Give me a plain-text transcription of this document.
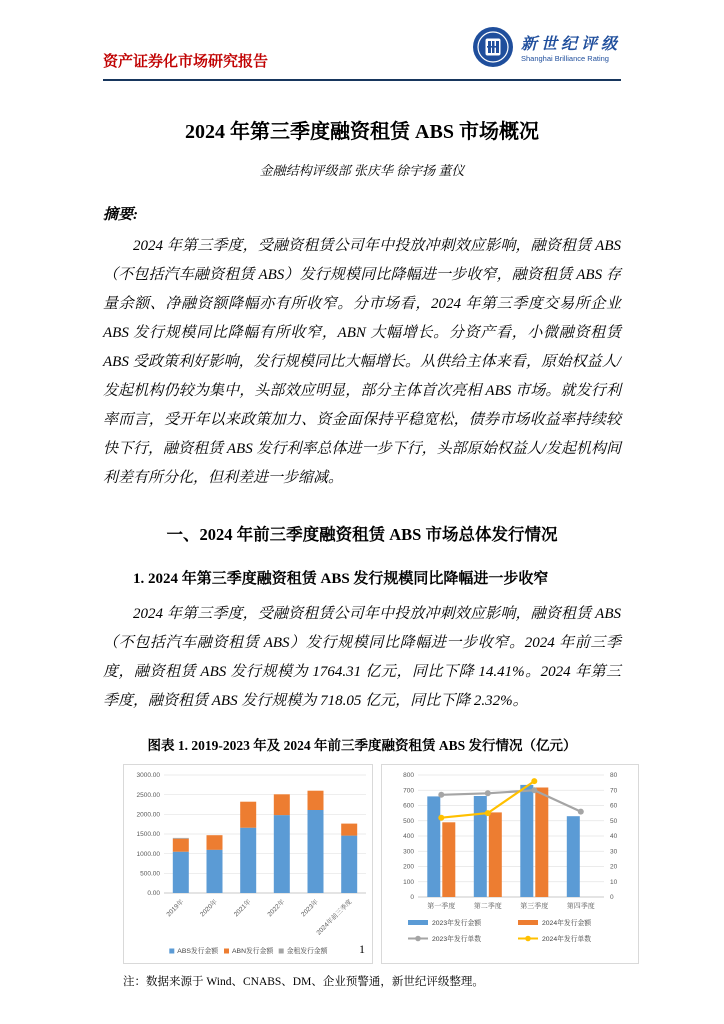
资产证券化市场研究报告
新世纪评级
Shanghai Brilliance Rating
2024 年第三季度融资租赁 ABS 市场概况
金融结构评级部 张庆华 徐宇扬 董仪
摘要:
2024 年第三季度，受融资租赁公司年中投放冲刺效应影响，融资租赁 ABS（不包括汽车融资租赁 ABS）发行规模同比降幅进一步收窄，融资租赁 ABS 存量余额、净融资额降幅亦有所收窄。分市场看，2024 年第三季度交易所企业 ABS 发行规模同比降幅有所收窄，ABN 大幅增长。分资产看，小微融资租赁 ABS 受政策利好影响，发行规模同比大幅增长。从供给主体来看，原始权益人/发起机构仍较为集中，头部效应明显，部分主体首次亮相 ABS 市场。就发行利率而言，受开年以来政策加力、资金面保持平稳宽松，债券市场收益率持续较快下行，融资租赁 ABS 发行利率总体进一步下行，头部原始权益人/发起机构间利差有所分化，但利差进一步缩减。
一、2024 年前三季度融资租赁 ABS 市场总体发行情况
1. 2024 年第三季度融资租赁 ABS 发行规模同比降幅进一步收窄
2024 年第三季度，受融资租赁公司年中投放冲刺效应影响，融资租赁 ABS（不包括汽车融资租赁 ABS）发行规模同比降幅进一步收窄。2024 年前三季度，融资租赁 ABS 发行规模为 1764.31 亿元，同比下降 14.41%。2024 年第三季度，融资租赁 ABS 发行规模为 718.05 亿元，同比下降 2.32%。
图表 1. 2019-2023 年及 2024 年前三季度融资租赁 ABS 发行情况（亿元）
0.00
500.00
1000.00
1500.00
2000.00
2500.00
3000.00
2019年 2020年 2021年 2022年 2023年
2024年前三季度
ABS发行金额 ABN发行金额 金租发行金额
0
100
200
300
400
500
600
700
800
0
10
20
30
40
50
60
70
80
第一季度	第二季度	第三季度	第四季度
2023年发行金额	2024年发行金额
2023年发行单数	2024年发行单数
注：数据来源于 Wind、CNABS、DM、企业预警通，新世纪评级整理。
1
